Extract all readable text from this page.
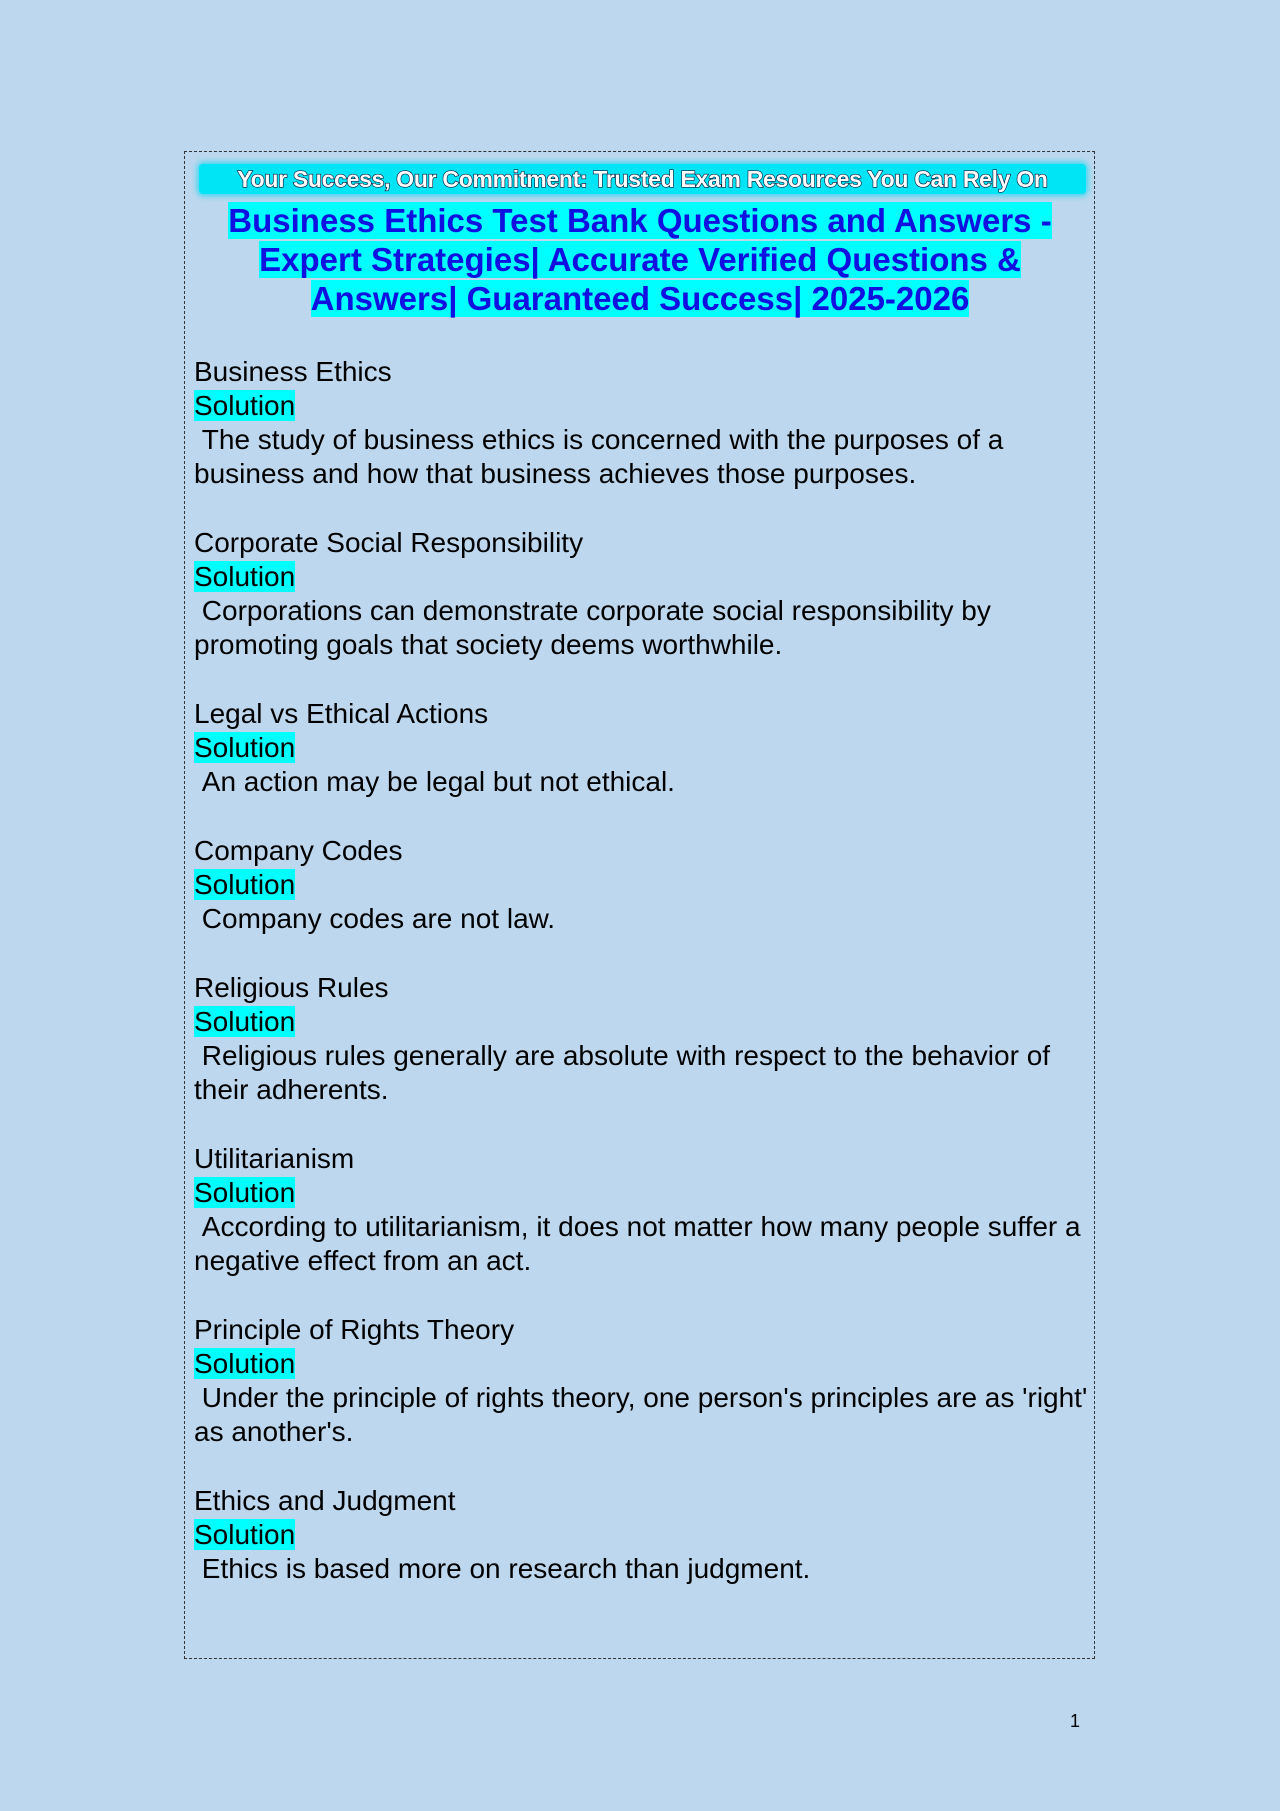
Your Success, Our Commitment: Trusted Exam Resources You Can Rely On
Business Ethics Test Bank Questions and Answers -
Expert Strategies| Accurate Verified Questions &
Answers| Guaranteed Success| 2025-2026
Business Ethics
Solution
The study of business ethics is concerned with the purposes of a business and how that business achieves those purposes.
Corporate Social Responsibility
Solution
Corporations can demonstrate corporate social responsibility by promoting goals that society deems worthwhile.
Legal vs Ethical Actions
Solution
An action may be legal but not ethical.
Company Codes
Solution
Company codes are not law.
Religious Rules
Solution
Religious rules generally are absolute with respect to the behavior of their adherents.
Utilitarianism
Solution
According to utilitarianism, it does not matter how many people suffer a negative effect from an act.
Principle of Rights Theory
Solution
Under the principle of rights theory, one person's principles are as 'right' as another's.
Ethics and Judgment
Solution
Ethics is based more on research than judgment.
1
